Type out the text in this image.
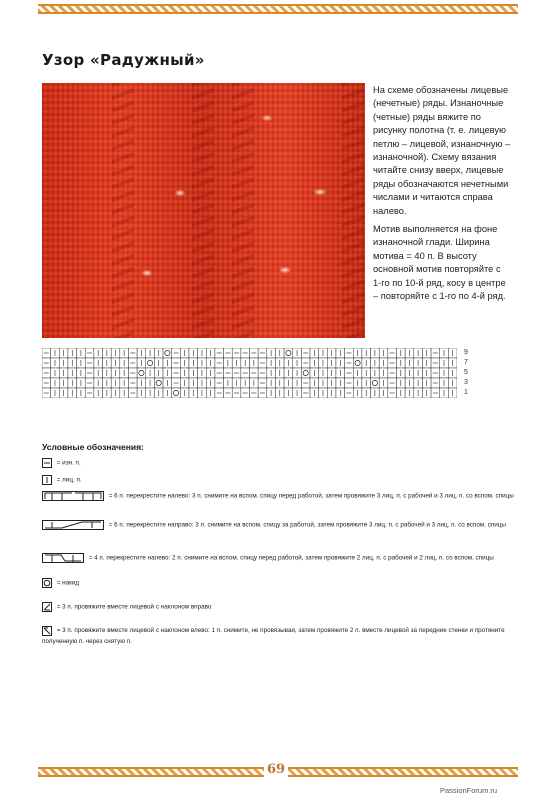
Узор «Радужный»

На схеме обозначены лицевые (нечетные) ряды. Изнаночные (четные) ряды вяжите по рисунку полотна (т. е. лицевую петлю – лицевой, изнаночную – изнаночной). Схему вязания читайте снизу вверх, лицевые ряды обозначаются нечетными числами и читаются справа налево.

Мотив выполняется на фоне изнаночной глади. Ширина мотива = 40 п. В высоту основной мотив повторяйте с 1-го по 10-й ряд, косу в центре – повторяйте с 1-го по 4-й ряд.

9
7
5
3
1
Условные обозначения:
= изн. п.
= лиц. п.
= 6 п. перекрестите налево: 3 п. снимите на вспом. спицу перед работой, затем провяжите 3 лиц. п. с рабочей и 3 лиц. п. со вспом. спицы
= 6 п. перекрестите направо: 3 п. снимите на вспом. спицу за работой, затем провяжите 3 лиц. п. с рабочей и 3 лиц. п. со вспом. спицы
= 4 п. перекрестите налево: 2 п. снимите на вспом. спицу перед работой, затем провяжите 2 лиц. п. с рабочей и 2 лиц. п. со вспом. спицы
= накид
= 3 п. провяжите вместе лицевой с наклоном вправо
= 3 п. провяжите вместе лицевой с наклоном влево: 1 п. снимите, не провязывая, затем провяжите 2 п. вместе лицевой за передние стенки и протяните полученную п. через снятую п.
69
PassionForum.ru
